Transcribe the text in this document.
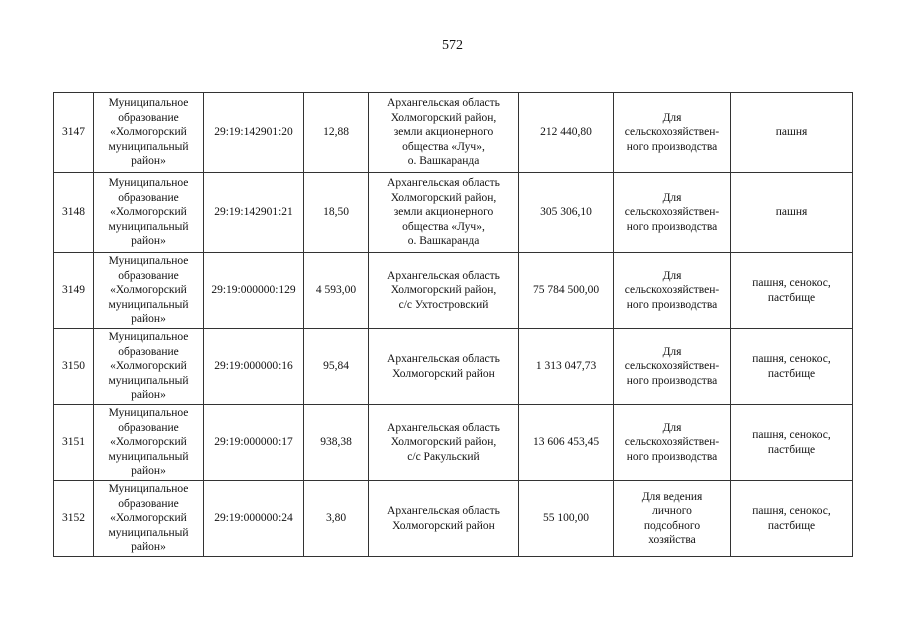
572
3147	Муниципальное
образование
«Холмогорский
муниципальный
район»	29:19:142901:20	12,88	Архангельская область
Холмогорский район,
земли акционерного
общества «Луч»,
о. Вашкаранда	212 440,80	Для
сельскохозяйствен-
ного производства	пашня
3148	Муниципальное
образование
«Холмогорский
муниципальный
район»	29:19:142901:21	18,50	Архангельская область
Холмогорский район,
земли акционерного
общества «Луч»,
о. Вашкаранда	305 306,10	Для
сельскохозяйствен-
ного производства	пашня
3149	Муниципальное
образование
«Холмогорский
муниципальный
район»	29:19:000000:129	4 593,00	Архангельская область
Холмогорский район,
с/с Ухтостровский	75 784 500,00	Для
сельскохозяйствен-
ного производства	пашня, сенокос,
пастбище
3150	Муниципальное
образование
«Холмогорский
муниципальный
район»	29:19:000000:16	95,84	Архангельская область
Холмогорский район	1 313 047,73	Для
сельскохозяйствен-
ного производства	пашня, сенокос,
пастбище
3151	Муниципальное
образование
«Холмогорский
муниципальный
район»	29:19:000000:17	938,38	Архангельская область
Холмогорский район,
с/с Ракульский	13 606 453,45	Для
сельскохозяйствен-
ного производства	пашня, сенокос,
пастбище
3152	Муниципальное
образование
«Холмогорский
муниципальный
район»	29:19:000000:24	3,80	Архангельская область
Холмогорский район	55 100,00	Для ведения
личного
подсобного
хозяйства	пашня, сенокос,
пастбище
